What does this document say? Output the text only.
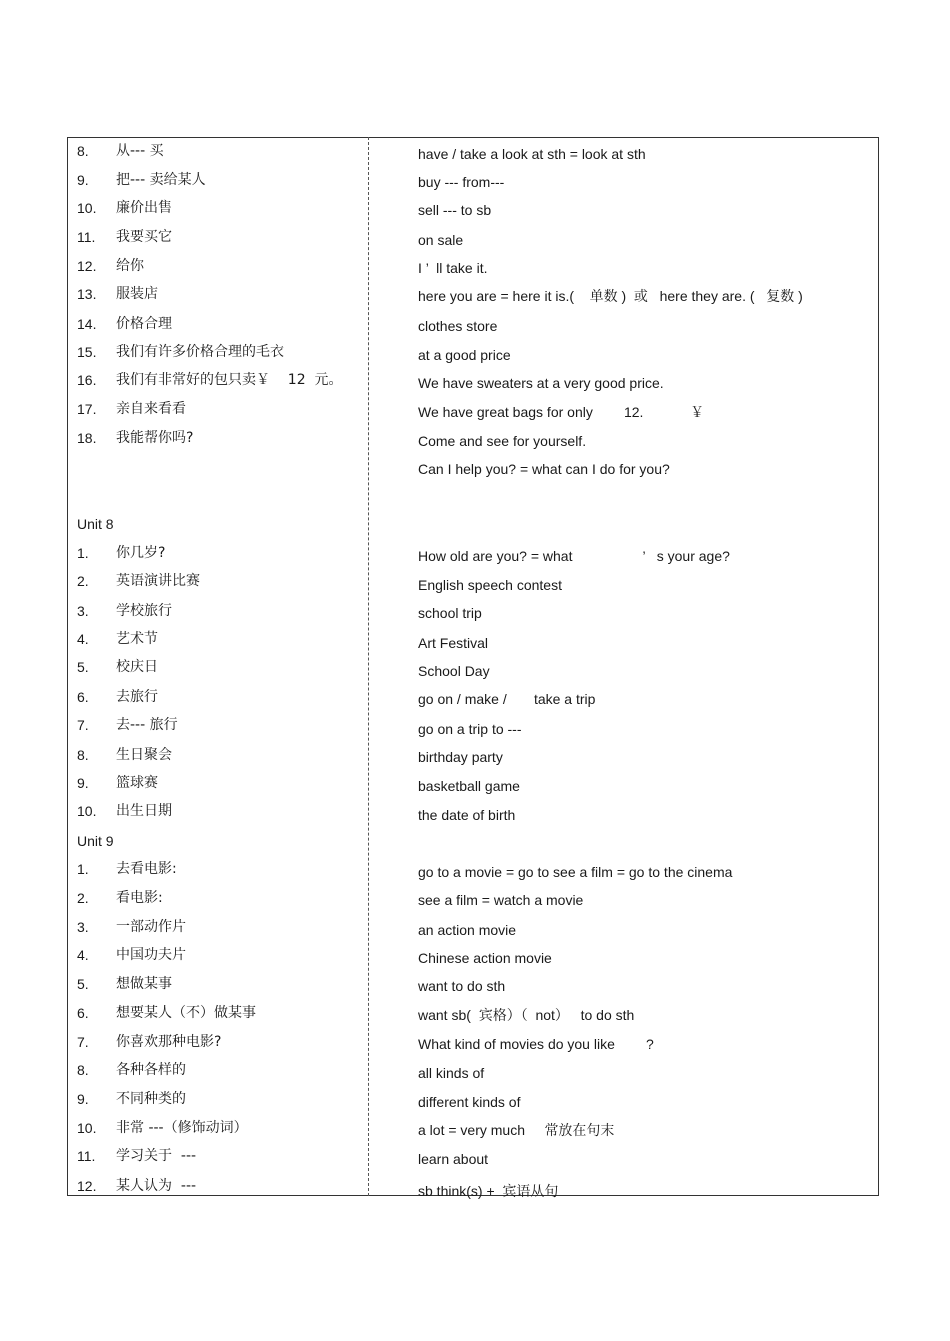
8. 从--- 买
9. 把--- 卖给某人
10. 廉价出售
11. 我要买它
12. 给你
13. 服装店
14. 价格合理
15. 我们有许多价格合理的毛衣
16. 我们有非常好的包只卖￥    12  元。
17. 亲自来看看
18. 我能帮你吗?
Unit 8
1. 你几岁?
2. 英语演讲比赛
3. 学校旅行
4. 艺术节
5. 校庆日
6. 去旅行
7. 去--- 旅行
8. 生日聚会
9. 篮球赛
10. 出生日期
Unit 9
1. 去看电影:
2. 看电影:
3. 一部动作片
4. 中国功夫片
5. 想做某事
6. 想要某人（不）做某事
7. 你喜欢那种电影?
8. 各种各样的
9. 不同种类的
10. 非常 ---（修饰动词）
11. 学习关于  ---
12. 某人认为  ---
have / take a look at sth = look at sth
buy --- from---
sell --- to sb
on sale
I ’  ll take it.
here you are = here it is.(    单数 )  或   here they are. (   复数 )
clothes store
at a good price
We have sweaters at a very good price.
We have great bags for only        12.            ￥
Come and see for yourself.
Can I help you? = what can I do for you?
How old are you? = what                  ’   s your age?
English speech contest
school trip
Art Festival
School Day
go on / make /       take a trip
go on a trip to ---
birthday party
basketball game
the date of birth
go to a movie = go to see a film = go to the cinema
see a film = watch a movie
an action movie
Chinese action movie
want to do sth
want sb(  宾格）（  not）   to do sth
What kind of movies do you like        ?
all kinds of
different kinds of
a lot = very much     常放在句末
learn about
sb think(s) +  宾语从句
